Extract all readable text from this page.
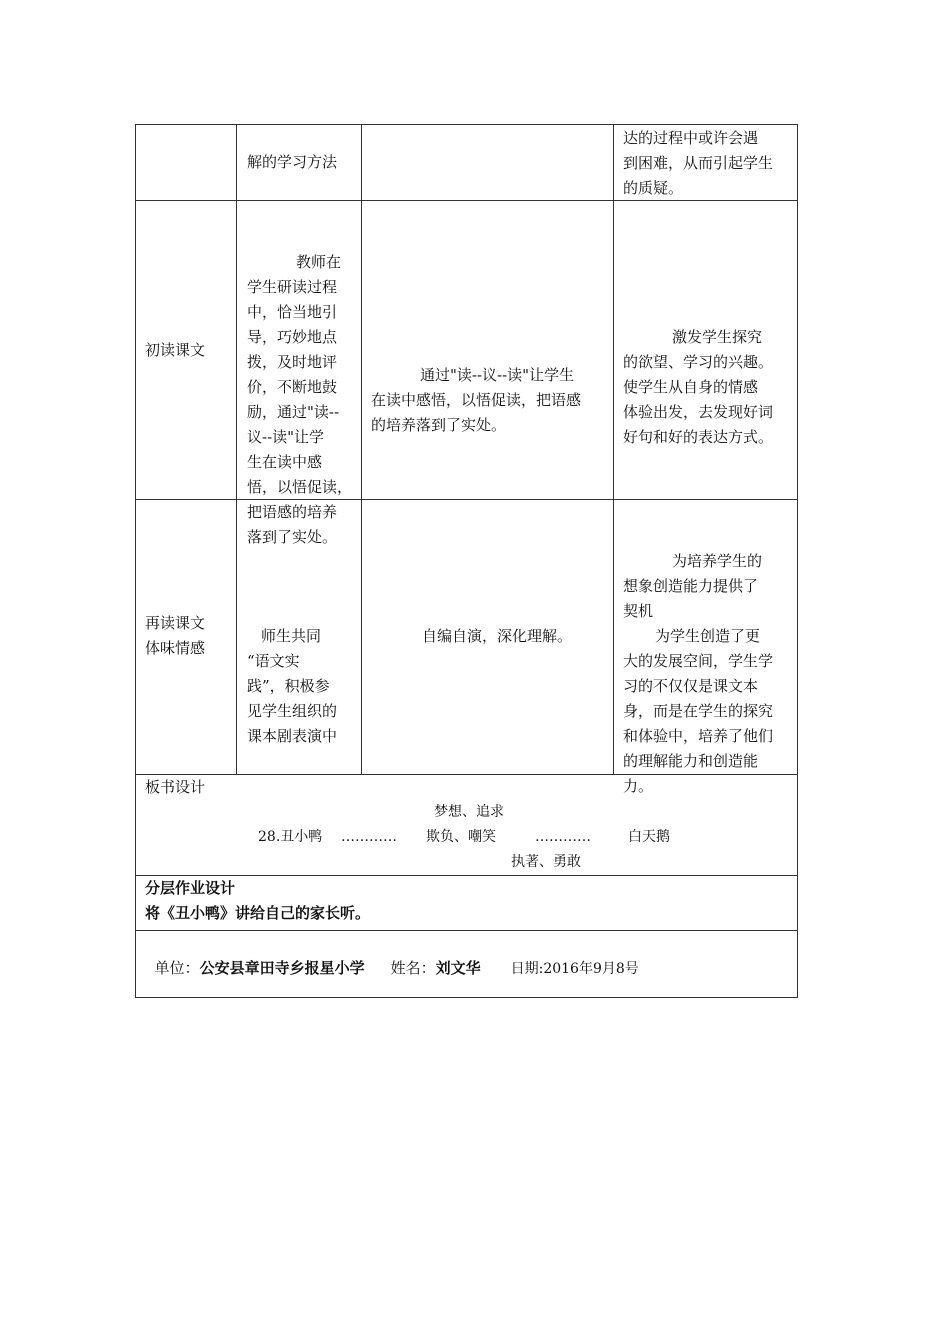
解的学习方法
达的过程中或许会遇
到困难，从而引起学生
的质疑。
初读课文

教师在
学生研读过程
中，恰当地引
导，巧妙地点
拨，及时地评
价，不断地鼓
励，通过"读--
议--读"让学
生在读中感
悟，以悟促读，
把语感的培养
落到了实处。

通过"读--议--读"让学生
在读中感悟，以悟促读，把语感
的培养落到了实处。

激发学生探究
的欲望、学习的兴趣。
使学生从自身的情感
体验出发，去发现好词
好句和好的表达方式。

再读课文
体味情感

师生共同
“语文实
践”，积极参
见学生组织的
课本剧表演中

自编自演，深化理解。

为培养学生的
想象创造能力提供了
契机
为学生创造了更
大的发展空间，学生学
习的不仅仅是课文本
身，而是在学生的探究
和体验中，培养了他们
的理解能力和创造能
力。

板书设计
梦想、追求
28.丑小鸭 ………… 欺负、嘲笑	…………	白天鹅
执著、勇敢
分层作业设计
将《丑小鸭》讲给自己的家长听。

单位：公安县章田寺乡报星小学 姓名：刘文华 日期:2016年9月8号
